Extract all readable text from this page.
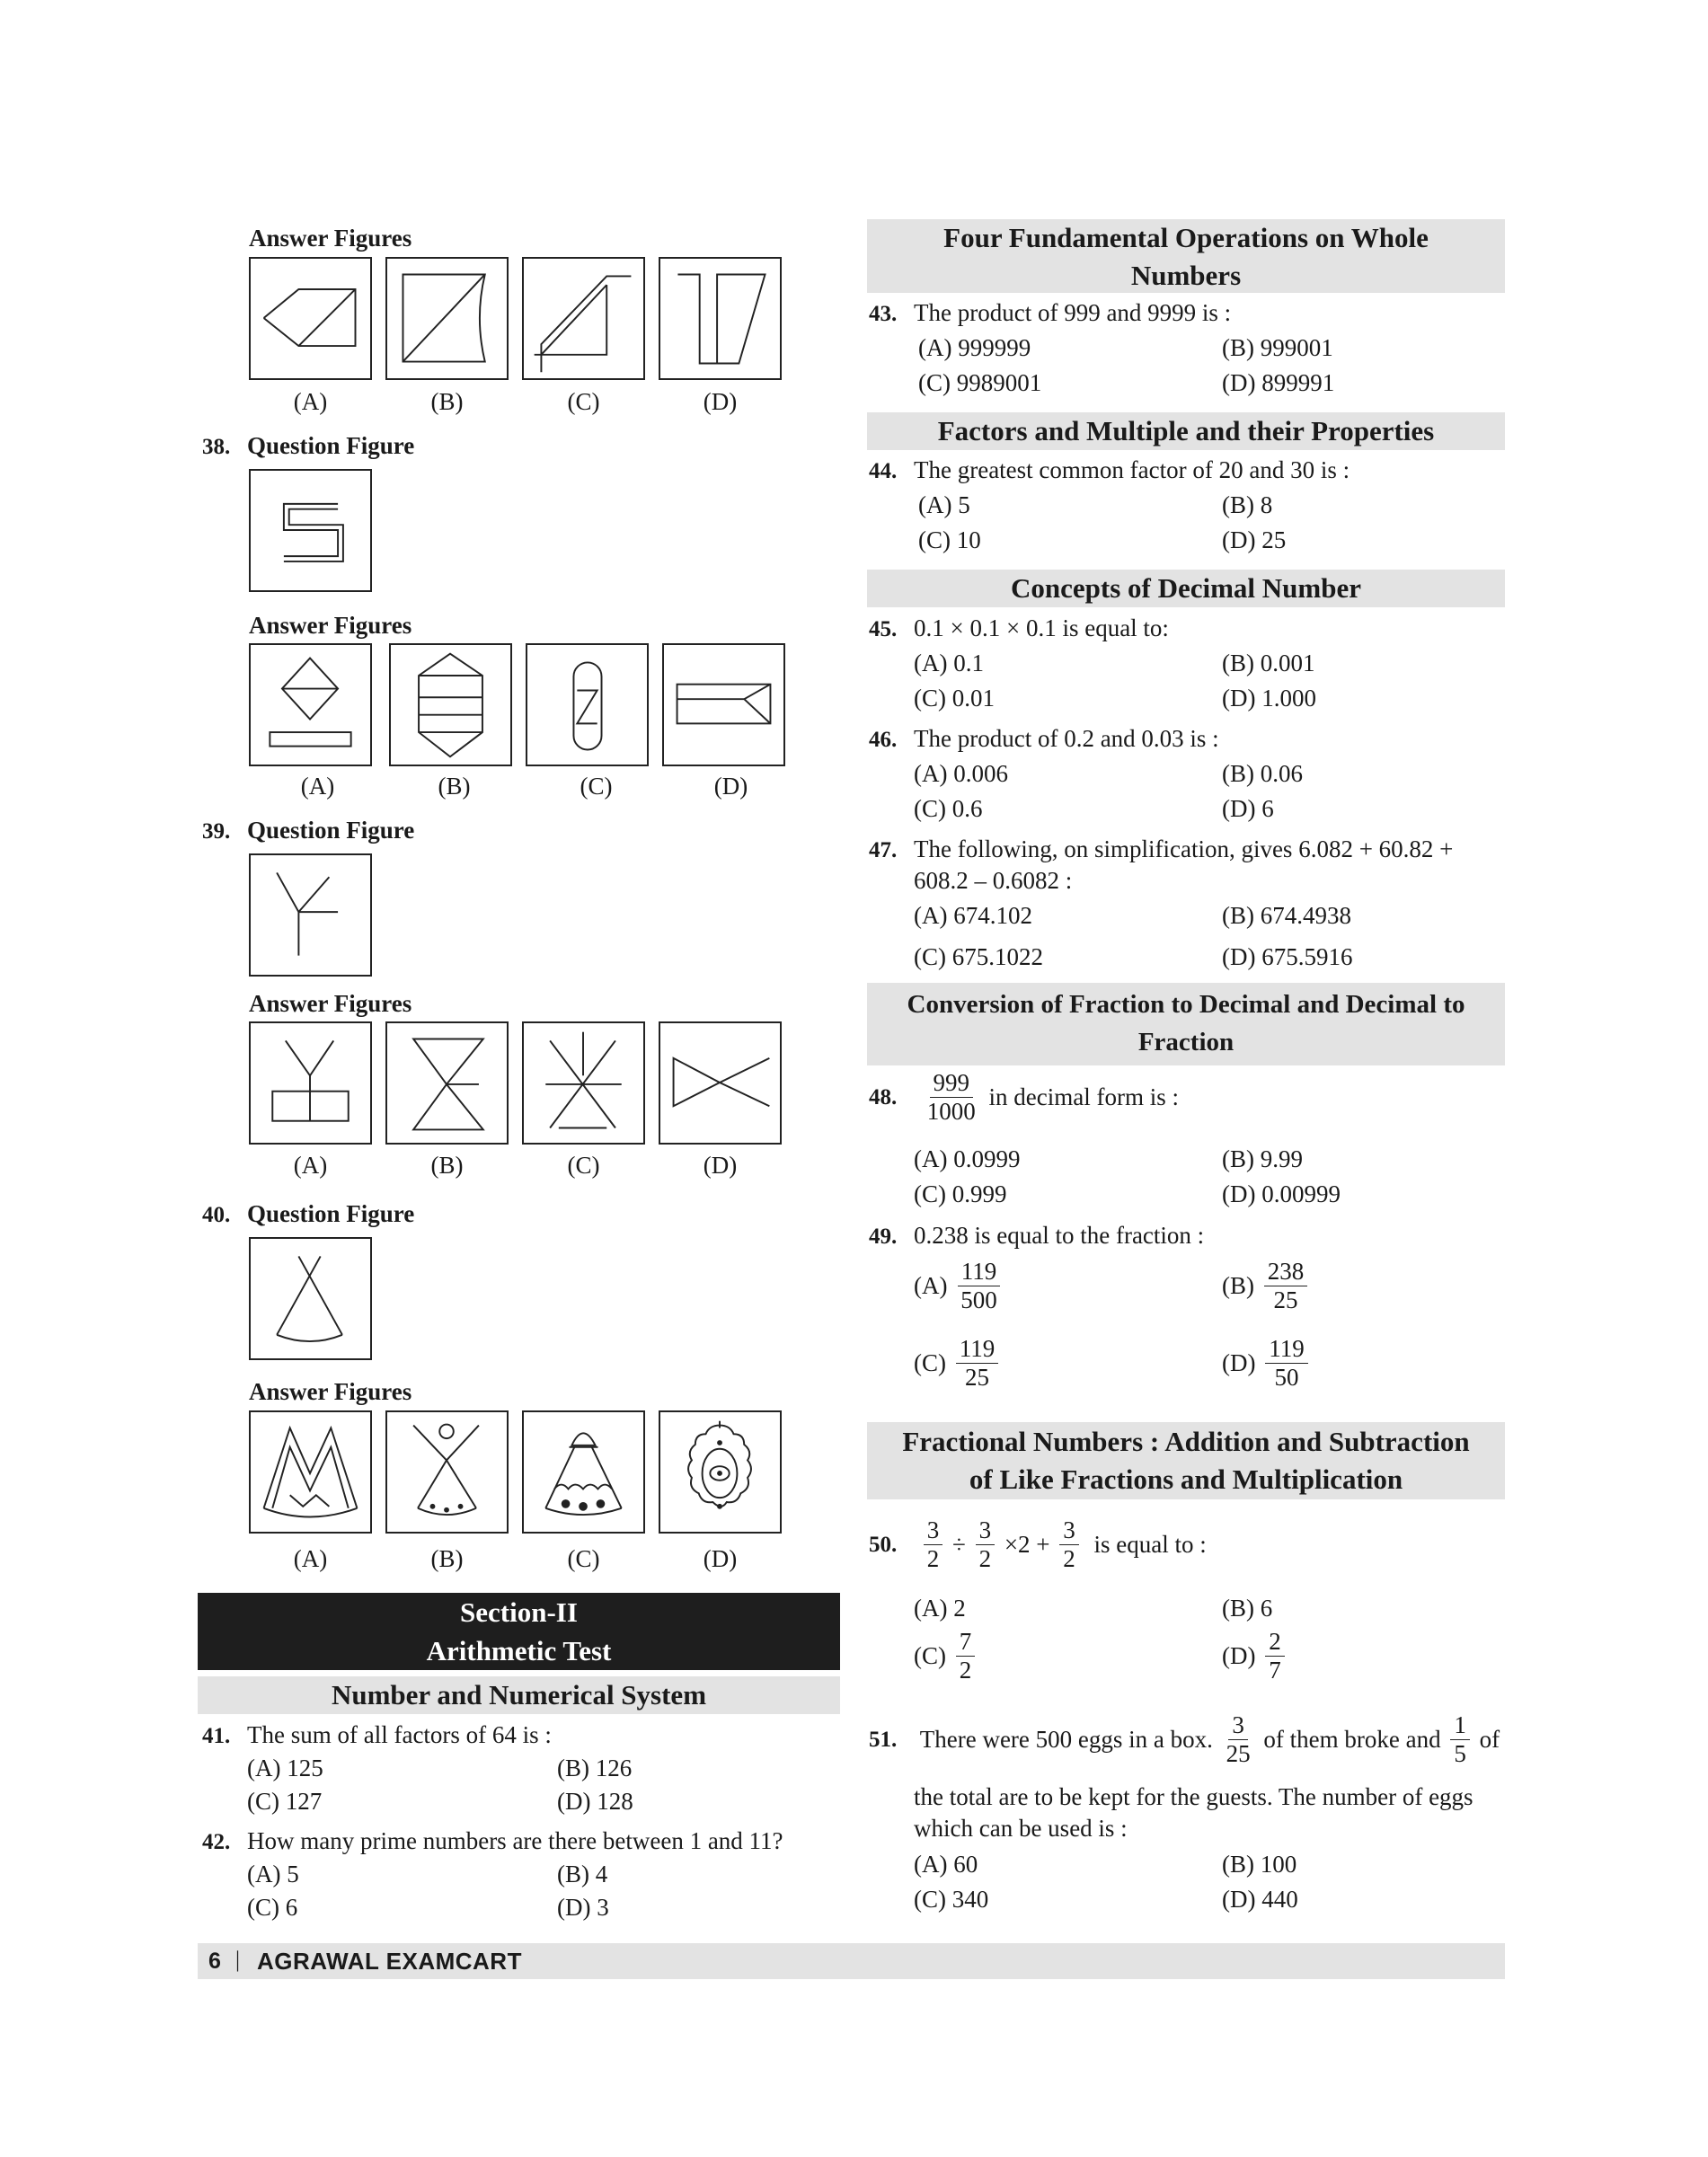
Answer Figures
(A)	(B)	(C)	(D)
38. Question Figure
Answer Figures
(A)	(B)	(C)	(D)
39. Question Figure
Answer Figures
(A)	(B)	(C)	(D)
40. Question Figure
Answer Figures
(A)	(B)	(C)	(D)
Section-II
Arithmetic Test
Number and Numerical System
41. The sum of all factors of 64 is :
(A) 125	(B) 126
(C) 127	(D) 128
42. How many prime numbers are there between 1 and 11?
(A) 5	(B) 4
(C) 6	(D) 3
Four Fundamental Operations on Whole
Numbers
43. The product of 999 and 9999 is :
(A) 999999	(B) 999001
(C) 9989001	(D) 899991
Factors and Multiple and their Properties
44. The greatest common factor of 20 and 30 is :
(A) 5	(B) 8
(C) 10	(D) 25
Concepts of Decimal Number
45. 0.1 × 0.1 × 0.1 is equal to:
(A) 0.1	(B) 0.001
(C) 0.01	(D) 1.000
46. The product of 0.2 and 0.03 is :
(A) 0.006	(B) 0.06
(C) 0.6	(D) 6
47. The following, on simplification, gives 6.082 + 60.82 +
608.2 – 0.6082 :
(A) 674.102	(B) 674.4938
(C) 675.1022	(D) 675.5916
Conversion of Fraction to Decimal and Decimal to
Fraction
48. $\frac{999}{1000}$ in decimal form is :
(A) 0.0999	(B) 9.99
(C) 0.999	(D) 0.00999
49. 0.238 is equal to the fraction :
$(A) \frac{119}{500}$	$(B) \frac{238}{25}$
$(C) \frac{119}{25}$	$(D) \frac{119}{50}$
Fractional Numbers : Addition and Subtraction
of Like Fractions and Multiplication
50. $\frac{3}{2} \div \frac{3}{2} \times 2 + \frac{3}{2}$ is equal to :
(A) 2	(B) 6
$(C) \frac{7}{2}$	$(D) \frac{2}{7}$
51. There were 500 eggs in a box. $\frac{3}{25}$ of them broke and $\frac{1}{5}$ of
the total are to be kept for the guests. The number of eggs
which can be used is :
(A) 60	(B) 100
(C) 340	(D) 440
6 | AGRAWAL EXAMCART
